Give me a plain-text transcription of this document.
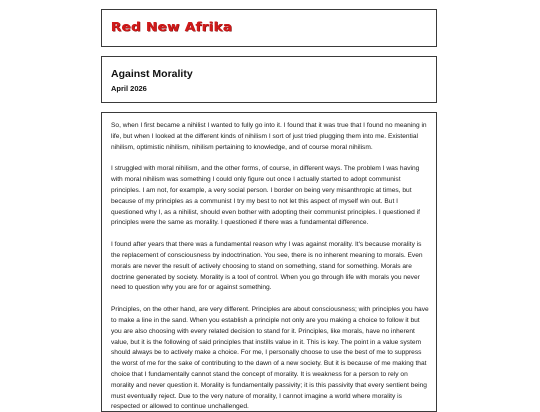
Red New Afrika
Against Morality

April 2026

So, when I first became a nihilist I wanted to fully go into it. I found that it was true that I found no meaning in life, but when I looked at the different kinds of nihilism I sort of just tried plugging them into me. Existential nihilism, optimistic nihilism, nihilism pertaining to knowledge, and of course moral nihilism.

I struggled with moral nihilism, and the other forms, of course, in different ways. The problem I was having with moral nihilism was something I could only figure out once I actually started to adopt communist principles. I am not, for example, a very social person. I border on being very misanthropic at times, but because of my principles as a communist I try my best to not let this aspect of myself win out. But I questioned why I, as a nihilist, should even bother with adopting their communist principles. I questioned if principles were the same as morality. I questioned if there was a fundamental difference.

I found after years that there was a fundamental reason why I was against morality. It's because morality is the replacement of consciousness by indoctrination. You see, there is no inherent meaning to morals. Even morals are never the result of actively choosing to stand on something, stand for something. Morals are doctrine generated by society. Morality is a tool of control. When you go through life with morals you never need to question why you are for or against something.

Principles, on the other hand, are very different. Principles are about consciousness; with principles you have to make a line in the sand. When you establish a principle not only are you making a choice to follow it but you are also choosing with every related decision to stand for it. Principles, like morals, have no inherent value, but it is the following of said principles that instills value in it. This is key. The point in a value system should always be to actively make a choice. For me, I personally choose to use the best of me to suppress the worst of me for the sake of contributing to the dawn of a new society. But it is because of me making that choice that I fundamentally cannot stand the concept of morality. It is weakness for a person to rely on morality and never question it. Morality is fundamentally passivity; it is this passivity that every sentient being must eventually reject. Due to the very nature of morality, I cannot imagine a world where morality is respected or allowed to continue unchallenged.
